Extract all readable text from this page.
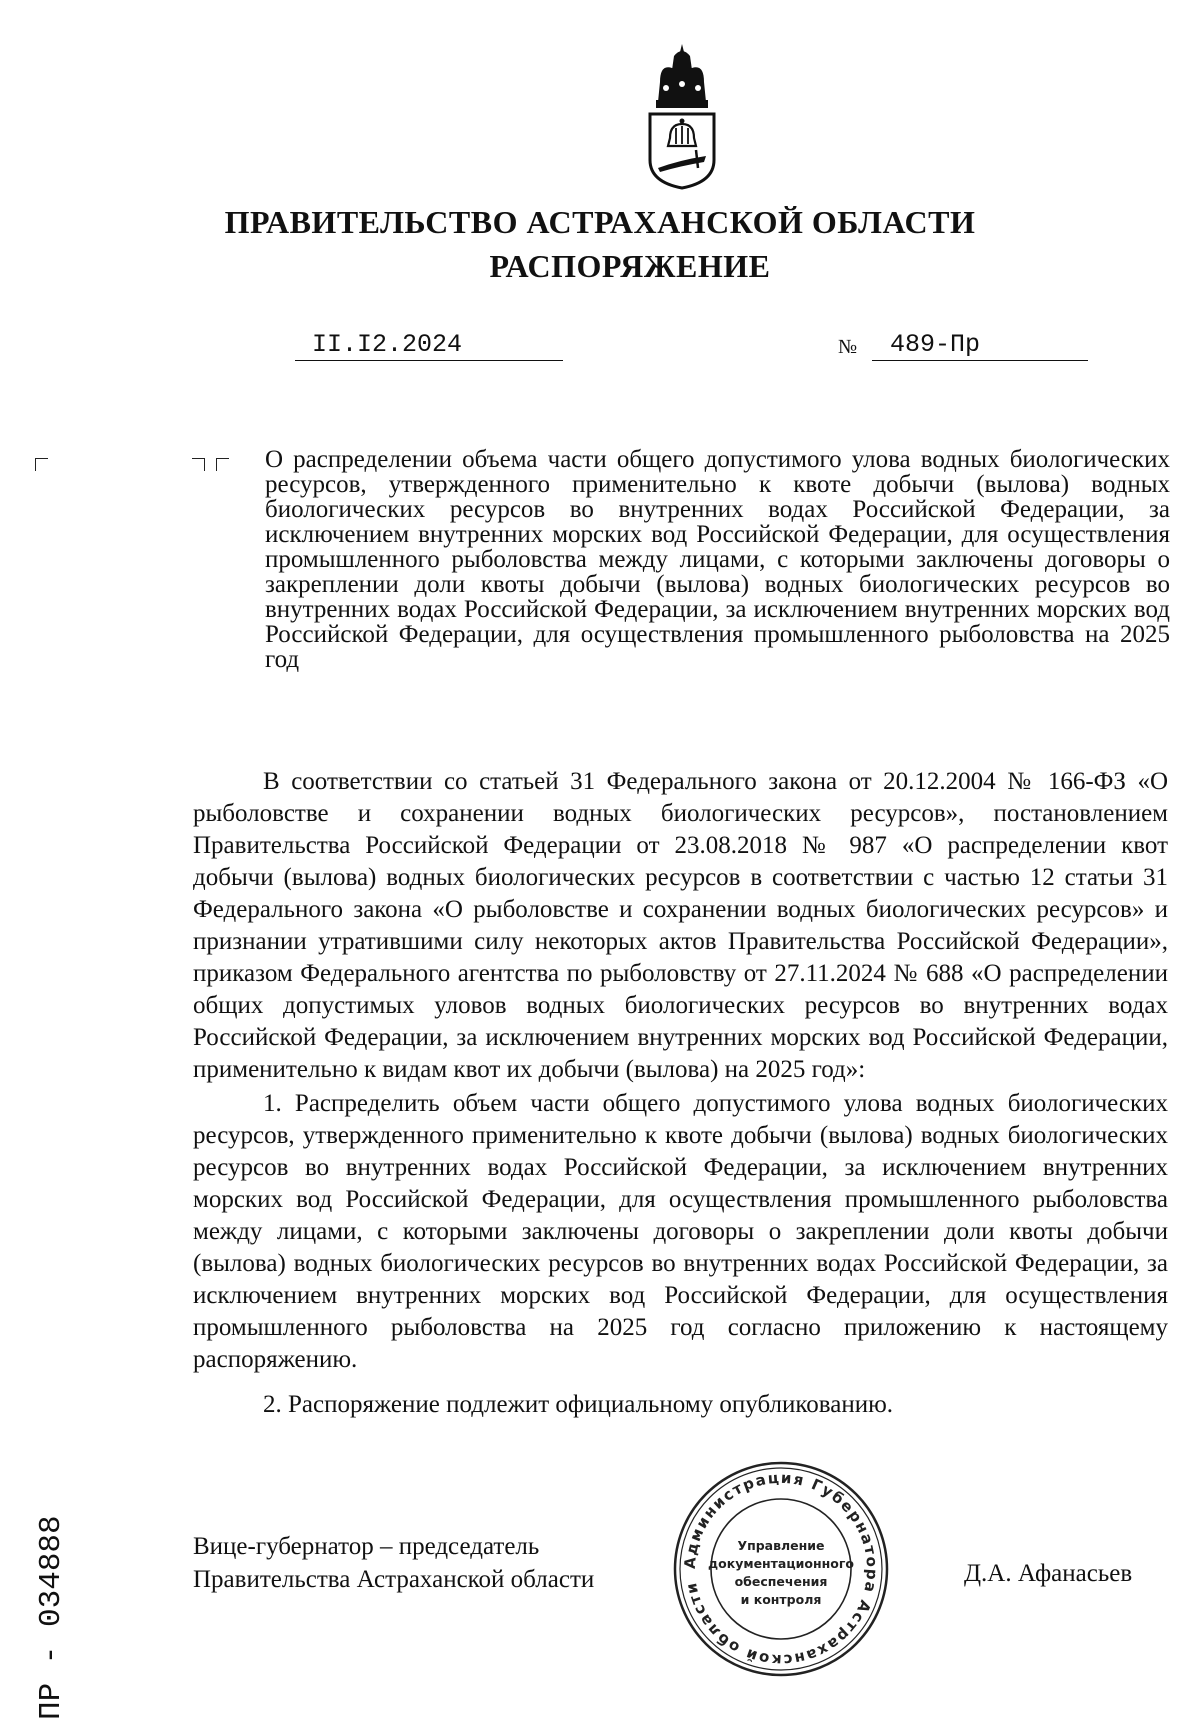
ПРАВИТЕЛЬСТВО АСТРАХАНСКОЙ ОБЛАСТИ
РАСПОРЯЖЕНИЕ
II.I2.2024	№ 489-Пр

О распределении объема части общего допустимого улова водных биологических ресурсов, утвержденного применительно к квоте добычи (вылова) водных биологических ресурсов во внутренних водах Российской Федерации, за исключением внутренних морских вод Российской Федерации, для осуществления промышленного рыболовства между лицами, с которыми заключены договоры о закреплении доли квоты добычи (вылова) водных биологических ресурсов во внутренних водах Российской Федерации, за исключением внутренних морских вод Российской Федерации, для осуществления промышленного рыболовства на 2025 год

В соответствии со статьей 31 Федерального закона от 20.12.2004 № 166-ФЗ «О рыболовстве и сохранении водных биологических ресурсов», постановлением Правительства Российской Федерации от 23.08.2018 № 987 «О распределении квот добычи (вылова) водных биологических ресурсов в соответствии с частью 12 статьи 31 Федерального закона «О рыболовстве и сохранении водных биологических ресурсов» и признании утратившими силу некоторых актов Правительства Российской Федерации», приказом Федерального агентства по рыболовству от 27.11.2024 № 688 «О распределении общих допустимых уловов водных биологических ресурсов во внутренних водах Российской Федерации, за исключением внутренних морских вод Российской Федерации, применительно к видам квот их добычи (вылова) на 2025 год»:

1. Распределить объем части общего допустимого улова водных биологических ресурсов, утвержденного применительно к квоте добычи (вылова) водных биологических ресурсов во внутренних водах Российской Федерации, за исключением внутренних морских вод Российской Федерации, для осуществления промышленного рыболовства между лицами, с которыми заключены договоры о закреплении доли квоты добычи (вылова) водных биологических ресурсов во внутренних водах Российской Федерации, за исключением внутренних морских вод Российской Федерации, для осуществления промышленного рыболовства на 2025 год согласно приложению к настоящему распоряжению.

2. Распоряжение подлежит официальному опубликованию.

ПР - 034888	Вице-губернатор – председатель
Правительства Астраханской области	Д.А. Афанасьев
Администрация Губернатора Астраханской области
Управление
документационного
обеспечения
и контроля
